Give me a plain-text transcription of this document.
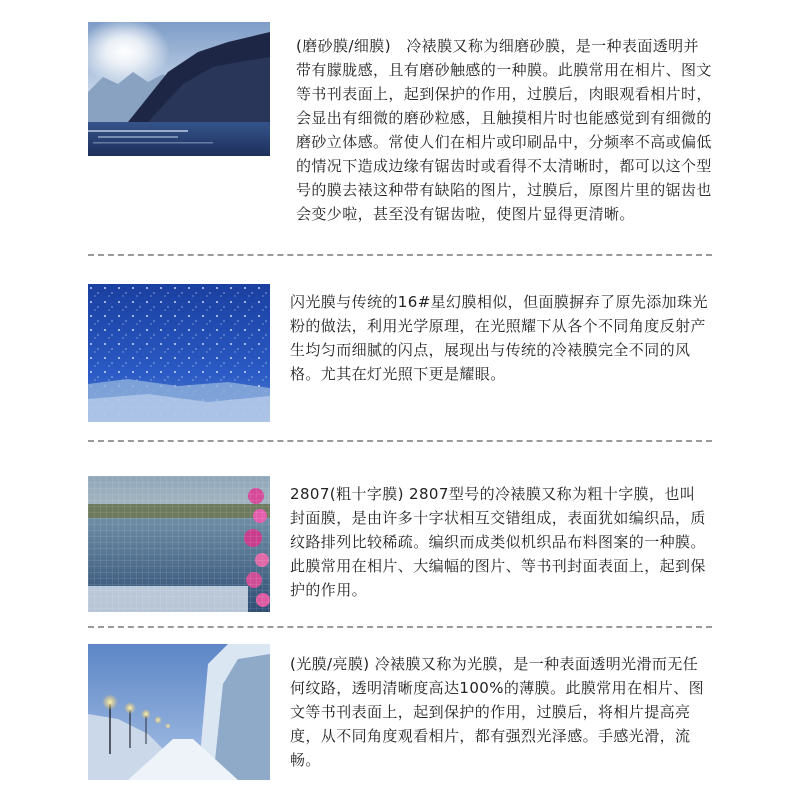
(磨砂膜/细膜)　冷裱膜又称为细磨砂膜，是一种表面透明并带有朦胧感，且有磨砂触感的一种膜。此膜常用在相片、图文等书刊表面上，起到保护的作用，过膜后，肉眼观看相片时，会显出有细微的磨砂粒感，且触摸相片时也能感觉到有细微的磨砂立体感。常使人们在相片或印刷品中，分频率不高或偏低的情况下造成边缘有锯齿时或看得不太清晰时，都可以这个型号的膜去裱这种带有缺陷的图片，过膜后，原图片里的锯齿也会变少啦，甚至没有锯齿啦，使图片显得更清晰。

闪光膜与传统的16#星幻膜相似，但面膜摒弃了原先添加珠光粉的做法，利用光学原理，在光照耀下从各个不同角度反射产生均匀而细腻的闪点，展现出与传统的冷裱膜完全不同的风格。尤其在灯光照下更是耀眼。

2807(粗十字膜) 2807型号的冷裱膜又称为粗十字膜，也叫封面膜，是由许多十字状相互交错组成，表面犹如编织品，质纹路排列比较稀疏。编织而成类似机织品布料图案的一种膜。此膜常用在相片、大编幅的图片、等书刊封面表面上，起到保护的作用。

(光膜/亮膜) 冷裱膜又称为光膜，是一种表面透明光滑而无任何纹路，透明清晰度高达100%的薄膜。此膜常用在相片、图文等书刊表面上，起到保护的作用，过膜后，将相片提高亮度，从不同角度观看相片，都有强烈光泽感。手感光滑，流畅。
